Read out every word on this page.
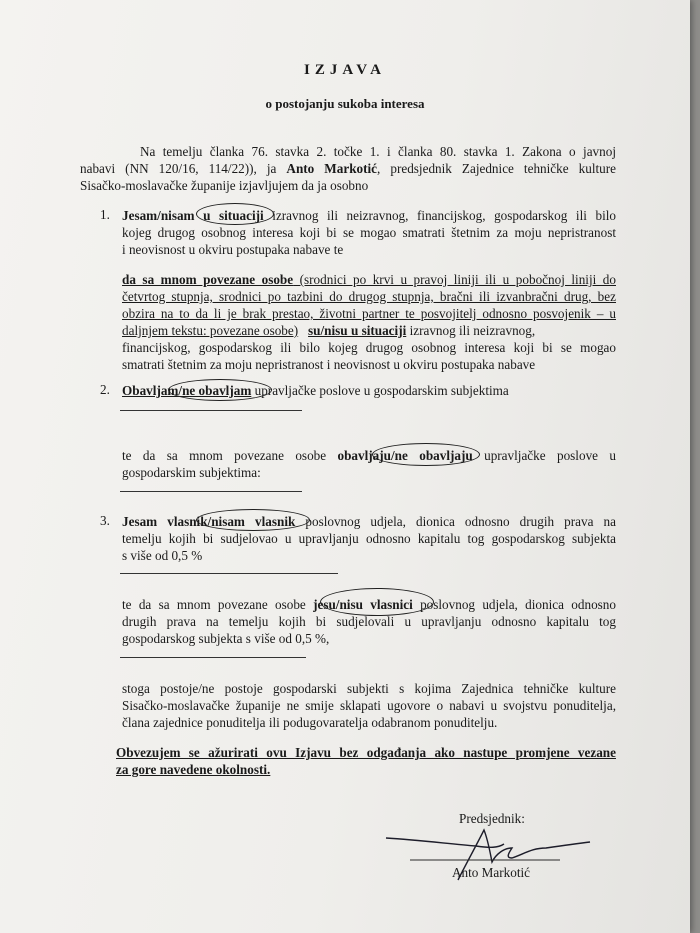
IZJAVA
o postojanju sukoba interesa

Na temelju članka 76. stavka 2. točke 1. i članka 80. stavka 1. Zakona o javnoj

nabavi (NN 120/16, 114/22)), ja Anto Markotić, predsjednik Zajednice tehničke kulture

Sisačko-moslavačke županije izjavljujem da ja osobno

1. Jesam/nisam u situaciji izravnog ili neizravnog, financijskog, gospodarskog ili bilo

kojeg drugog osobnog interesa koji bi se mogao smatrati štetnim za moju nepristranost

i neovisnost u okviru postupaka nabave te

da sa mnom povezane osobe (srodnici po krvi u pravoj liniji ili u pobočnoj liniji do

četvrtog stupnja, srodnici po tazbini do drugog stupnja, bračni ili izvanbračni drug, bez

obzira na to da li je brak prestao, životni partner te posvojitelj odnosno posvojenik – u

daljnjem tekstu: povezane osobe) su/nisu u situaciji izravnog ili neizravnog,

financijskog, gospodarskog ili bilo kojeg drugog osobnog interesa koji bi se mogao

smatrati štetnim za moju nepristranost i neovisnost u okviru postupaka nabave

2. Obavljam/ne obavljam upravljačke poslove u gospodarskim subjektima

te da sa mnom povezane osobe obavljaju/ne obavljaju upravljačke poslove u

gospodarskim subjektima:

3. Jesam vlasnik/nisam vlasnik poslovnog udjela, dionica odnosno drugih prava na

temelju kojih bi sudjelovao u upravljanju odnosno kapitalu tog gospodarskog subjekta

s više od 0,5 %

te da sa mnom povezane osobe jesu/nisu vlasnici poslovnog udjela, dionica odnosno

drugih prava na temelju kojih bi sudjelovali u upravljanju odnosno kapitalu tog

gospodarskog subjekta s više od 0,5 %,

stoga postoje/ne postoje gospodarski subjekti s kojima Zajednica tehničke kulture

Sisačko-moslavačke županije ne smije sklapati ugovore o nabavi u svojstvu ponuditelja,

člana zajednice ponuditelja ili podugovaratelja odabranom ponuditelju.

Obvezujem se ažurirati ovu Izjavu bez odgađanja ako nastupe promjene vezane

za gore navedene okolnosti.

Predsjednik:

Anto Markotić
